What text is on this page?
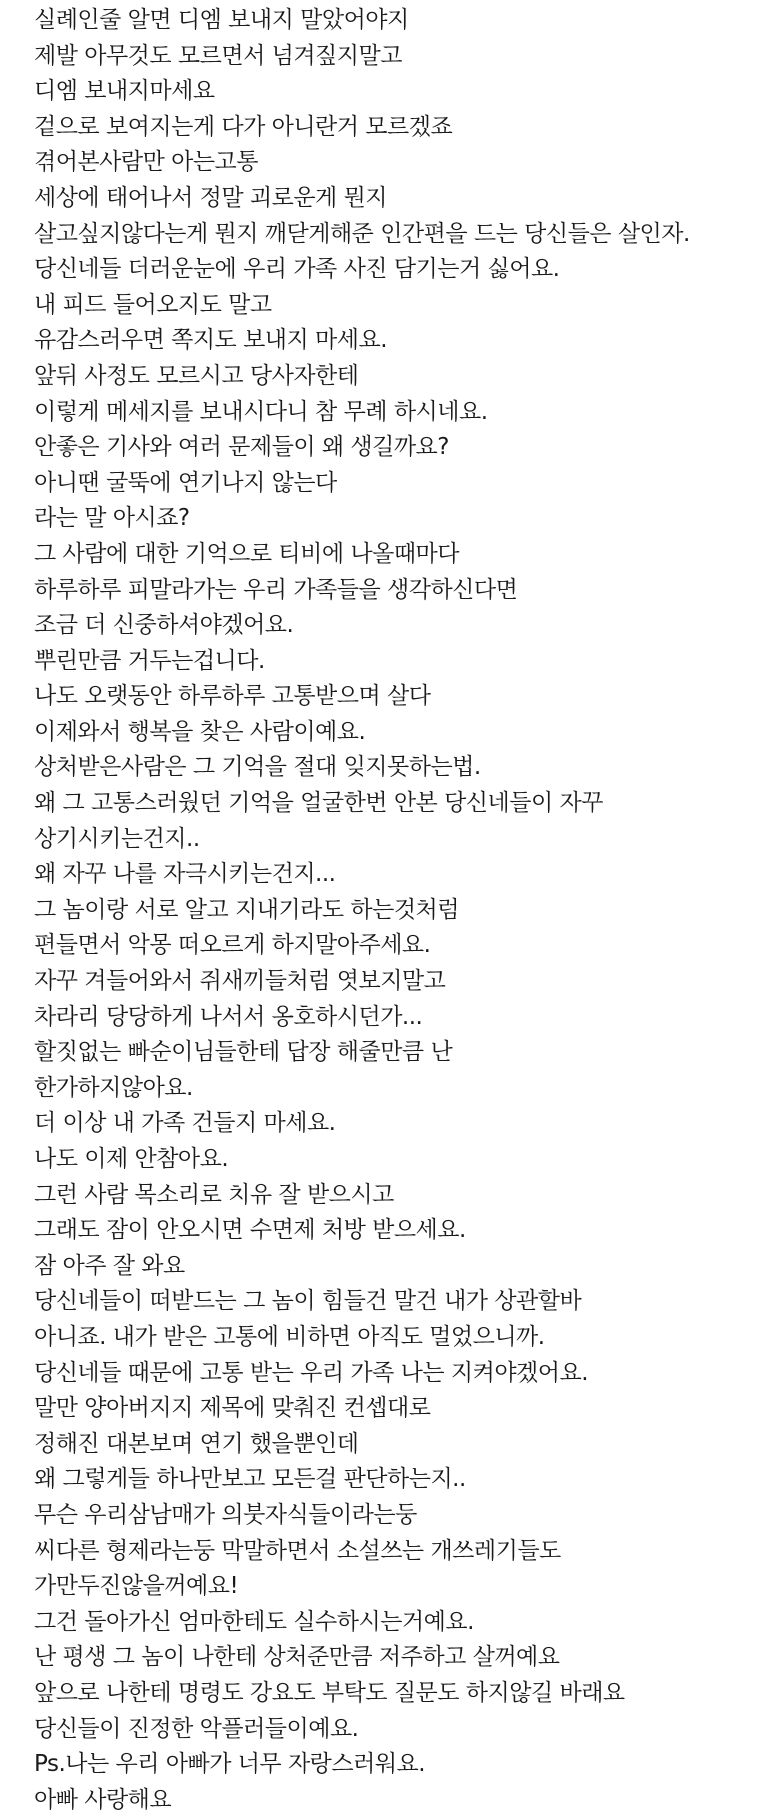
실례인줄 알면 디엠 보내지 말았어야지
제발 아무것도 모르면서 넘겨짚지말고
디엠 보내지마세요
겉으로 보여지는게 다가 아니란거 모르겠죠
겪어본사람만 아는고통
세상에 태어나서 정말 괴로운게 뭔지
살고싶지않다는게 뭔지 깨닫게해준 인간편을 드는 당신들은 살인자.
당신네들 더러운눈에 우리 가족 사진 담기는거 싫어요.
내 피드 들어오지도 말고
유감스러우면 쪽지도 보내지 마세요.
앞뒤 사정도 모르시고 당사자한테
이렇게 메세지를 보내시다니 참 무례 하시네요.
안좋은 기사와 여러 문제들이 왜 생길까요?
아니땐 굴뚝에 연기나지 않는다
라는 말 아시죠?
그 사람에 대한 기억으로 티비에 나올때마다
하루하루 피말라가는 우리 가족들을 생각하신다면
조금 더 신중하셔야겠어요.
뿌린만큼 거두는겁니다.
나도 오랫동안 하루하루 고통받으며 살다
이제와서 행복을 찾은 사람이예요.
상처받은사람은 그 기억을 절대 잊지못하는법.
왜 그 고통스러웠던 기억을 얼굴한번 안본 당신네들이 자꾸
상기시키는건지..
왜 자꾸 나를 자극시키는건지...
그 놈이랑 서로 알고 지내기라도 하는것처럼
편들면서 악몽 떠오르게 하지말아주세요.
자꾸 겨들어와서 쥐새끼들처럼 엿보지말고
차라리 당당하게 나서서 옹호하시던가...
할짓없는 빠순이님들한테 답장 해줄만큼 난
한가하지않아요.
더 이상 내 가족 건들지 마세요.
나도 이제 안참아요.
그런 사람 목소리로 치유 잘 받으시고
그래도 잠이 안오시면 수면제 처방 받으세요.
잠 아주 잘 와요
당신네들이 떠받드는 그 놈이 힘들건 말건 내가 상관할바
아니죠. 내가 받은 고통에 비하면 아직도 멀었으니까.
당신네들 때문에 고통 받는 우리 가족 나는 지켜야겠어요.
말만 양아버지지 제목에 맞춰진 컨셉대로
정해진 대본보며 연기 했을뿐인데
왜 그렇게들 하나만보고 모든걸 판단하는지..
무슨 우리삼남매가 의붓자식들이라는둥
씨다른 형제라는둥 막말하면서 소설쓰는 개쓰레기들도
가만두진않을꺼예요!
그건 돌아가신 엄마한테도 실수하시는거예요.
난 평생 그 놈이 나한테 상처준만큼 저주하고 살꺼예요
앞으로 나한테 명령도 강요도 부탁도 질문도 하지않길 바래요
당신들이 진정한 악플러들이예요.
Ps.나는 우리 아빠가 너무 자랑스러워요.
아빠 사랑해요
